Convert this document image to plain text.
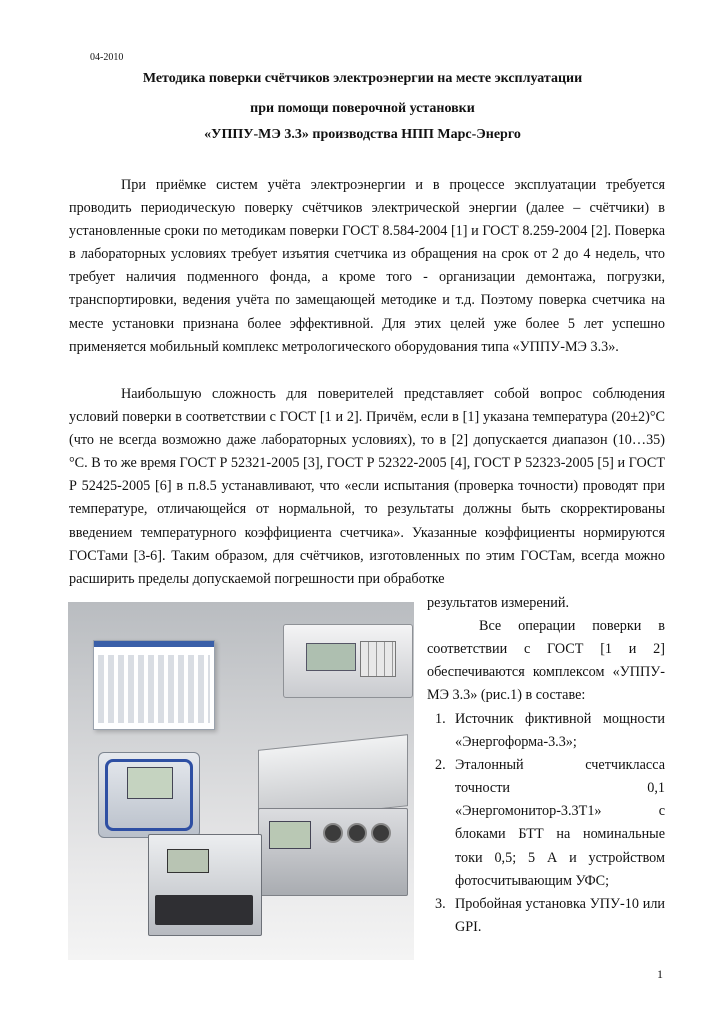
04-2010
Методика поверки счётчиков электроэнергии на месте эксплуатации
при помощи поверочной установки
«УППУ-МЭ 3.3» производства НПП Марс-Энерго

При приёмке систем учёта электроэнергии и в процессе эксплуатации требуется проводить периодическую поверку счётчиков электрической энергии (далее – счётчики) в установленные сроки по методикам поверки ГОСТ 8.584-2004 [1] и ГОСТ 8.259-2004 [2]. Поверка в лабораторных условиях требует изъятия счетчика из обращения на срок от 2 до 4 недель, что требует наличия подменного фонда, а кроме того - организации демонтажа, погрузки, транспортировки, ведения учёта по замещающей методике и т.д. Поэтому поверка счетчика на месте установки признана более эффективной. Для этих целей уже более 5 лет успешно применяется мобильный комплекс метрологического оборудования типа «УППУ-МЭ 3.3».

Наибольшую сложность для поверителей представляет собой вопрос соблюдения условий поверки в соответствии с ГОСТ [1 и 2]. Причём, если в [1] указана температура (20±2)°С (что не всегда возможно даже лабораторных условиях), то в [2] допускается диапазон (10…35) °С. В то же время ГОСТ Р 52321-2005 [3], ГОСТ Р 52322-2005 [4], ГОСТ Р 52323-2005 [5] и ГОСТ Р 52425-2005 [6] в п.8.5 устанавливают, что «если испытания (проверка точности) проводят при температуре, отличающейся от нормальной, то результаты должны быть скорректированы введением температурного коэффициента счетчика». Указанные коэффициенты нормируются ГОСТами [3-6]. Таким образом, для счётчиков, изготовленных по этим ГОСТам, всегда можно расширить пределы допускаемой погрешности при обработке

результатов измерений.
Все операции поверки в соответствии с ГОСТ [1 и 2] обеспечиваются комплексом «УППУ-МЭ 3.3» (рис.1) в составе:
1. Источник фиктивной мощности «Энергоформа-3.3»;
2. Эталонный счетчикласса точности 0,1 «Энергомонитор-3.3Т1» с блоками БТТ на номинальные токи 0,5; 5 А и устройством фотосчитывающим УФС;
3. Пробойная установка УПУ-10 или GPI.
1
